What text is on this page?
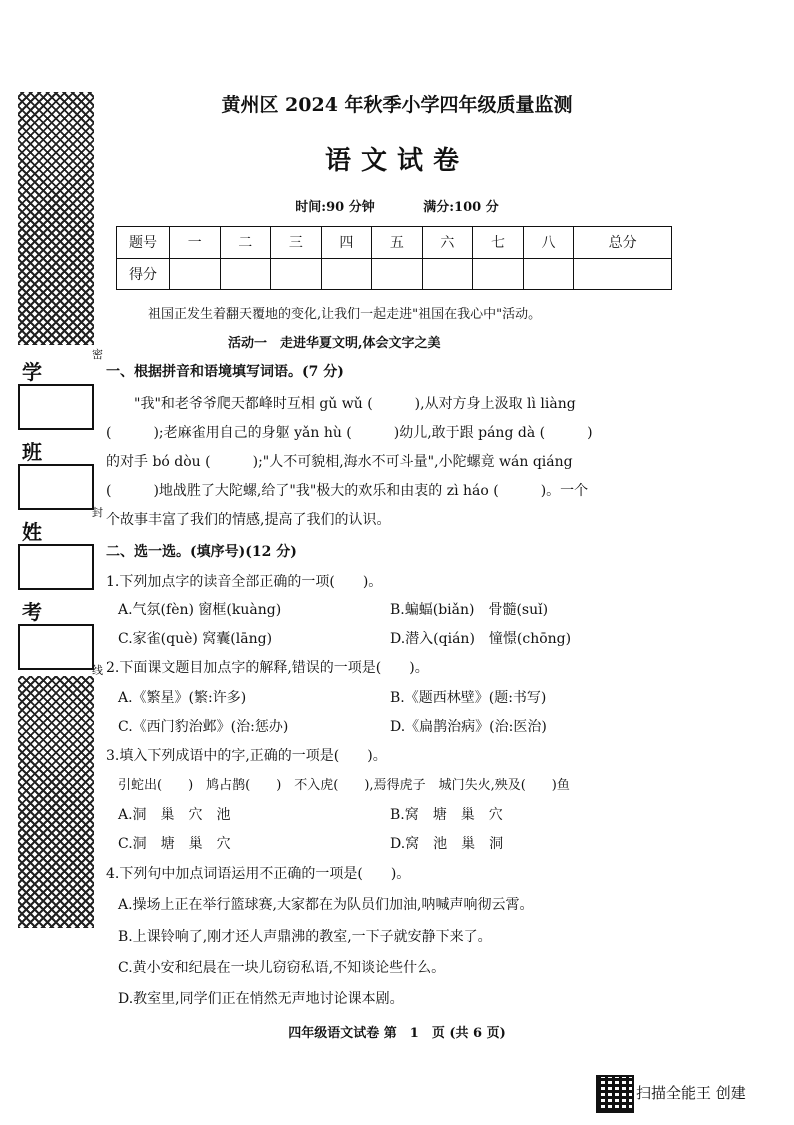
学
班
姓
考
密
封
线
黄州区 2024 年秋季小学四年级质量监测
语文试卷
时间:90 分钟	满分:100 分
题号	一	二	三	四	五	六	七	八	总分
得分									
祖国正发生着翻天覆地的变化,让我们一起走进"祖国在我心中"活动。
活动一　走进华夏文明,体会文字之美
一、根据拼音和语境填写词语。(7 分)
"我"和老爷爷爬天都峰时互相 gǔ wǔ (　　　),从对方身上汲取 lì liàng
(　　　);老麻雀用自己的身躯 yǎn hù (　　　)幼儿,敢于跟 páng dà (　　　)
的对手 bó dòu (　　　);"人不可貌相,海水不可斗量",小陀螺竟 wán qiáng
(　　　)地战胜了大陀螺,给了"我"极大的欢乐和由衷的 zì háo (　　　)。一个
个故事丰富了我们的情感,提高了我们的认识。
二、选一选。(填序号)(12 分)
1.下列加点字的读音全部正确的一项(　　)。
A.气氛(fèn) 窗框(kuàng)	B.蝙蝠(biǎn)　骨髓(suǐ)
C.家雀(què) 窝囊(lāng)	D.潜入(qián)　憧憬(chōng)
2.下面课文题目加点字的解释,错误的一项是(　　)。
A.《繁星》(繁:许多)	B.《题西林壁》(题:书写)
C.《西门豹治邺》(治:惩办)	D.《扁鹊治病》(治:医治)
3.填入下列成语中的字,正确的一项是(　　)。
引蛇出(　　)　鸠占鹊(　　)　不入虎(　　),焉得虎子　城门失火,殃及(　　)鱼
A.洞　巢　穴　池	B.窝　塘　巢　穴
C.洞　塘　巢　穴	D.窝　池　巢　洞
4.下列句中加点词语运用不正确的一项是(　　)。
A.操场上正在举行篮球赛,大家都在为队员们加油,呐喊声响彻云霄。
B.上课铃响了,刚才还人声鼎沸的教室,一下子就安静下来了。
C.黄小安和纪晨在一块儿窃窃私语,不知谈论些什么。
D.教室里,同学们正在悄然无声地讨论课本剧。
四年级语文试卷 第　1　页 (共 6 页)
扫描全能王 创建
